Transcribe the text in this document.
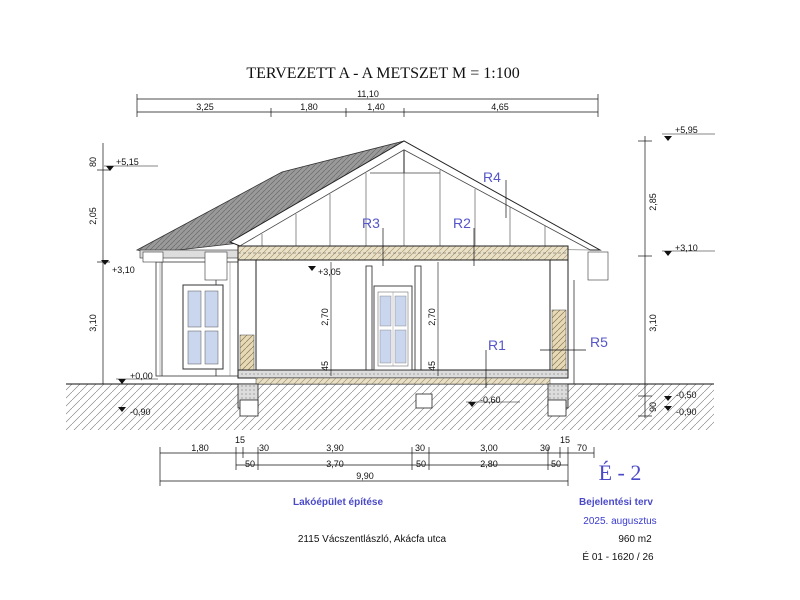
TERVEZETT A - A METSZET M = 1:100
11,10
3,25	1,80	1,40	4,65
80
2,05
3,10
2,85
3,10
90
2,70	2,70
45	45
+5,95
+5,15
+3,10
+3,10
+3,05
+0,00
-0,90
-0,60	-0,50
-0,90
R4
R3	R2
R1	R5
1,80
15
30	3,90	30	3,00	30
15
70
50	3,70	50	2,80	50
9,90	É - 2
Lakóépület építése	Bejelentési terv
2025. augusztus
2115 Vácszentlászló, Akácfa utca	960 m2
É 01 - 1620 / 26
